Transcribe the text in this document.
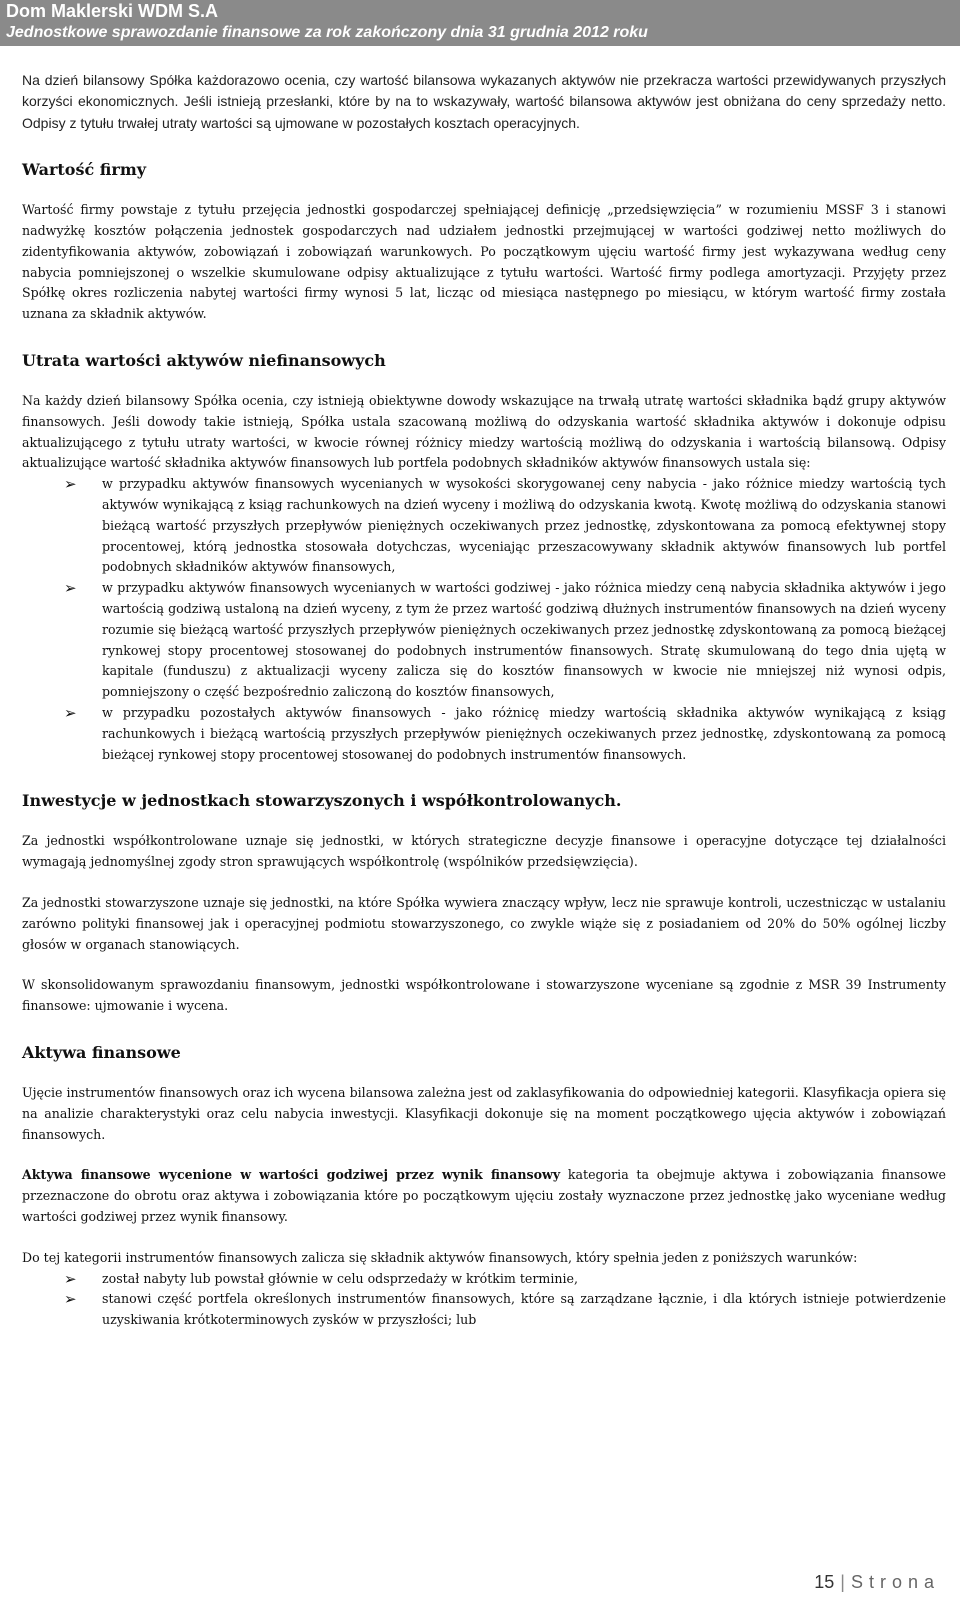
Dom Maklerski WDM S.A
Jednostkowe sprawozdanie finansowe za rok zakończony dnia 31 grudnia 2012 roku

Na dzień bilansowy Spółka każdorazowo ocenia, czy wartość bilansowa wykazanych aktywów nie przekracza wartości przewidywanych przyszłych korzyści ekonomicznych. Jeśli istnieją przesłanki, które by na to wskazywały, wartość bilansowa aktywów jest obniżana do ceny sprzedaży netto. Odpisy z tytułu trwałej utraty wartości są ujmowane w pozostałych kosztach operacyjnych.

Wartość firmy

Wartość firmy powstaje z tytułu przejęcia jednostki gospodarczej spełniającej definicję „przedsięwzięcia” w rozumieniu MSSF 3 i stanowi nadwyżkę kosztów połączenia jednostek gospodarczych nad udziałem jednostki przejmującej w wartości godziwej netto możliwych do zidentyfikowania aktywów, zobowiązań i zobowiązań warunkowych. Po początkowym ujęciu wartość firmy jest wykazywana według ceny nabycia pomniejszonej o wszelkie skumulowane odpisy aktualizujące z tytułu wartości. Wartość firmy podlega amortyzacji. Przyjęty przez Spółkę okres rozliczenia nabytej wartości firmy wynosi 5 lat, licząc od miesiąca następnego po miesiącu, w którym wartość firmy została uznana za składnik aktywów.

Utrata wartości aktywów niefinansowych

Na każdy dzień bilansowy Spółka ocenia, czy istnieją obiektywne dowody wskazujące na trwałą utratę wartości składnika bądź grupy aktywów finansowych. Jeśli dowody takie istnieją, Spółka ustala szacowaną możliwą do odzyskania wartość składnika aktywów i dokonuje odpisu aktualizującego z tytułu utraty wartości, w kwocie równej różnicy miedzy wartością możliwą do odzyskania i wartością bilansową. Odpisy aktualizujące wartość składnika aktywów finansowych lub portfela podobnych składników aktywów finansowych ustala się:

➢ w przypadku aktywów finansowych wycenianych w wysokości skorygowanej ceny nabycia - jako różnice miedzy wartością tych aktywów wynikającą z ksiąg rachunkowych na dzień wyceny i możliwą do odzyskania kwotą. Kwotę możliwą do odzyskania stanowi bieżącą wartość przyszłych przepływów pieniężnych oczekiwanych przez jednostkę, zdyskontowana za pomocą efektywnej stopy procentowej, którą jednostka stosowała dotychczas, wyceniając przeszacowywany składnik aktywów finansowych lub portfel podobnych składników aktywów finansowych,
➢ w przypadku aktywów finansowych wycenianych w wartości godziwej - jako różnica miedzy ceną nabycia składnika aktywów i jego wartością godziwą ustaloną na dzień wyceny, z tym że przez wartość godziwą dłużnych instrumentów finansowych na dzień wyceny rozumie się bieżącą wartość przyszłych przepływów pieniężnych oczekiwanych przez jednostkę zdyskontowaną za pomocą bieżącej rynkowej stopy procentowej stosowanej do podobnych instrumentów finansowych. Stratę skumulowaną do tego dnia ujętą w kapitale (funduszu) z aktualizacji wyceny zalicza się do kosztów finansowych w kwocie nie mniejszej niż wynosi odpis, pomniejszony o część bezpośrednio zaliczoną do kosztów finansowych,
➢ w przypadku pozostałych aktywów finansowych - jako różnicę miedzy wartością składnika aktywów wynikającą z ksiąg rachunkowych i bieżącą wartością przyszłych przepływów pieniężnych oczekiwanych przez jednostkę, zdyskontowaną za pomocą bieżącej rynkowej stopy procentowej stosowanej do podobnych instrumentów finansowych.
Inwestycje w jednostkach stowarzyszonych i współkontrolowanych.

Za jednostki współkontrolowane uznaje się jednostki, w których strategiczne decyzje finansowe i operacyjne dotyczące tej działalności wymagają jednomyślnej zgody stron sprawujących współkontrolę (wspólników przedsięwzięcia).

Za jednostki stowarzyszone uznaje się jednostki, na które Spółka wywiera znaczący wpływ, lecz nie sprawuje kontroli, uczestnicząc w ustalaniu zarówno polityki finansowej jak i operacyjnej podmiotu stowarzyszonego, co zwykle wiąże się z posiadaniem od 20% do 50% ogólnej liczby głosów w organach stanowiących.

W skonsolidowanym sprawozdaniu finansowym, jednostki współkontrolowane i stowarzyszone wyceniane są zgodnie z MSR 39 Instrumenty finansowe: ujmowanie i wycena.

Aktywa finansowe

Ujęcie instrumentów finansowych oraz ich wycena bilansowa zależna jest od zaklasyfikowania do odpowiedniej kategorii. Klasyfikacja opiera się na analizie charakterystyki oraz celu nabycia inwestycji. Klasyfikacji dokonuje się na moment początkowego ujęcia aktywów i zobowiązań finansowych.

Aktywa finansowe wycenione w wartości godziwej przez wynik finansowy kategoria ta obejmuje aktywa i zobowiązania finansowe przeznaczone do obrotu oraz aktywa i zobowiązania które po początkowym ujęciu zostały wyznaczone przez jednostkę jako wyceniane według wartości godziwej przez wynik finansowy.

Do tej kategorii instrumentów finansowych zalicza się składnik aktywów finansowych, który spełnia jeden z poniższych warunków:

➢ został nabyty lub powstał głównie w celu odsprzedaży w krótkim terminie,
➢ stanowi część portfela określonych instrumentów finansowych, które są zarządzane łącznie, i dla których istnieje potwierdzenie uzyskiwania krótkoterminowych zysków w przyszłości; lub
15 | Strona
